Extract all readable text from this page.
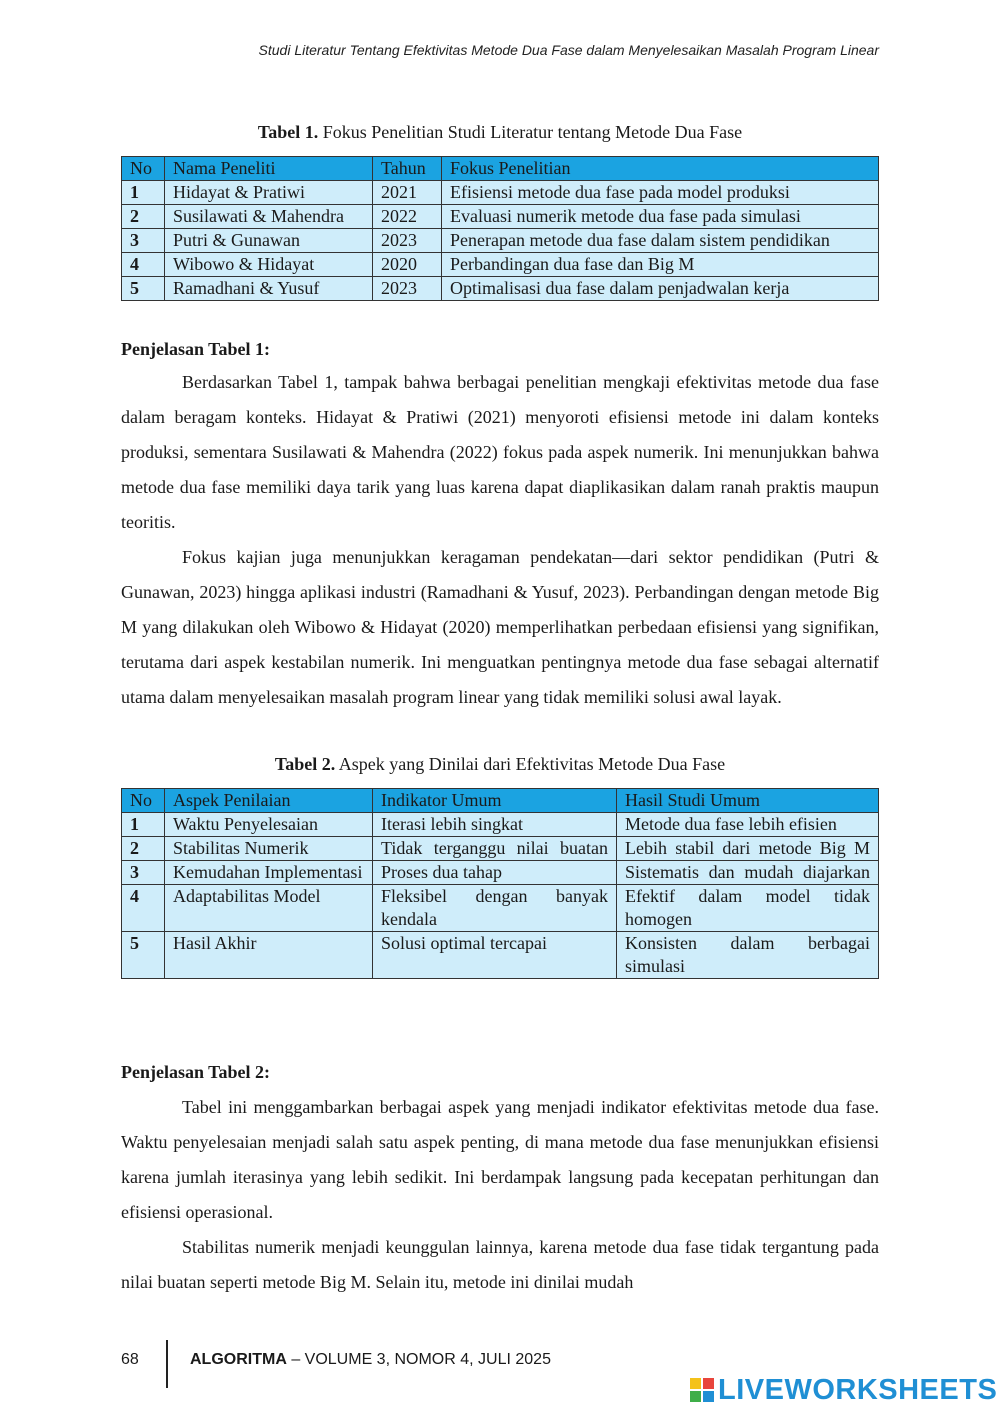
Studi Literatur Tentang Efektivitas Metode Dua Fase dalam Menyelesaikan Masalah Program Linear
Tabel 1. Fokus Penelitian Studi Literatur tentang Metode Dua Fase
No	Nama Peneliti	Tahun	Fokus Penelitian
1	Hidayat & Pratiwi	2021	Efisiensi metode dua fase pada model produksi
2	Susilawati & Mahendra	2022	Evaluasi numerik metode dua fase pada simulasi
3	Putri & Gunawan	2023	Penerapan metode dua fase dalam sistem pendidikan
4	Wibowo & Hidayat	2020	Perbandingan dua fase dan Big M
5	Ramadhani & Yusuf	2023	Optimalisasi dua fase dalam penjadwalan kerja
Penjelasan Tabel 1:

Berdasarkan Tabel 1, tampak bahwa berbagai penelitian mengkaji efektivitas metode dua fase dalam beragam konteks. Hidayat & Pratiwi (2021) menyoroti efisiensi metode ini dalam konteks produksi, sementara Susilawati & Mahendra (2022) fokus pada aspek numerik. Ini menunjukkan bahwa metode dua fase memiliki daya tarik yang luas karena dapat diaplikasikan dalam ranah praktis maupun teoritis.

Fokus kajian juga menunjukkan keragaman pendekatan—dari sektor pendidikan (Putri & Gunawan, 2023) hingga aplikasi industri (Ramadhani & Yusuf, 2023). Perbandingan dengan metode Big M yang dilakukan oleh Wibowo & Hidayat (2020) memperlihatkan perbedaan efisiensi yang signifikan, terutama dari aspek kestabilan numerik. Ini menguatkan pentingnya metode dua fase sebagai alternatif utama dalam menyelesaikan masalah program linear yang tidak memiliki solusi awal layak.

Tabel 2. Aspek yang Dinilai dari Efektivitas Metode Dua Fase
No	Aspek Penilaian	Indikator Umum	Hasil Studi Umum
1	Waktu Penyelesaian	Iterasi lebih singkat	Metode dua fase lebih efisien
2	Stabilitas Numerik	Tidak terganggu nilai buatan	Lebih stabil dari metode Big M
3	Kemudahan Implementasi	Proses dua tahap	Sistematis dan mudah diajarkan
4	Adaptabilitas Model	Fleksibel dengan banyak kendala	Efektif dalam model tidak homogen
5	Hasil Akhir	Solusi optimal tercapai	Konsisten dalam berbagai simulasi
Penjelasan Tabel 2:

Tabel ini menggambarkan berbagai aspek yang menjadi indikator efektivitas metode dua fase. Waktu penyelesaian menjadi salah satu aspek penting, di mana metode dua fase menunjukkan efisiensi karena jumlah iterasinya yang lebih sedikit. Ini berdampak langsung pada kecepatan perhitungan dan efisiensi operasional.

Stabilitas numerik menjadi keunggulan lainnya, karena metode dua fase tidak tergantung pada nilai buatan seperti metode Big M. Selain itu, metode ini dinilai mudah

68	ALGORITMA – VOLUME 3, NOMOR 4, JULI 2025
LIVEWORKSHEETS
